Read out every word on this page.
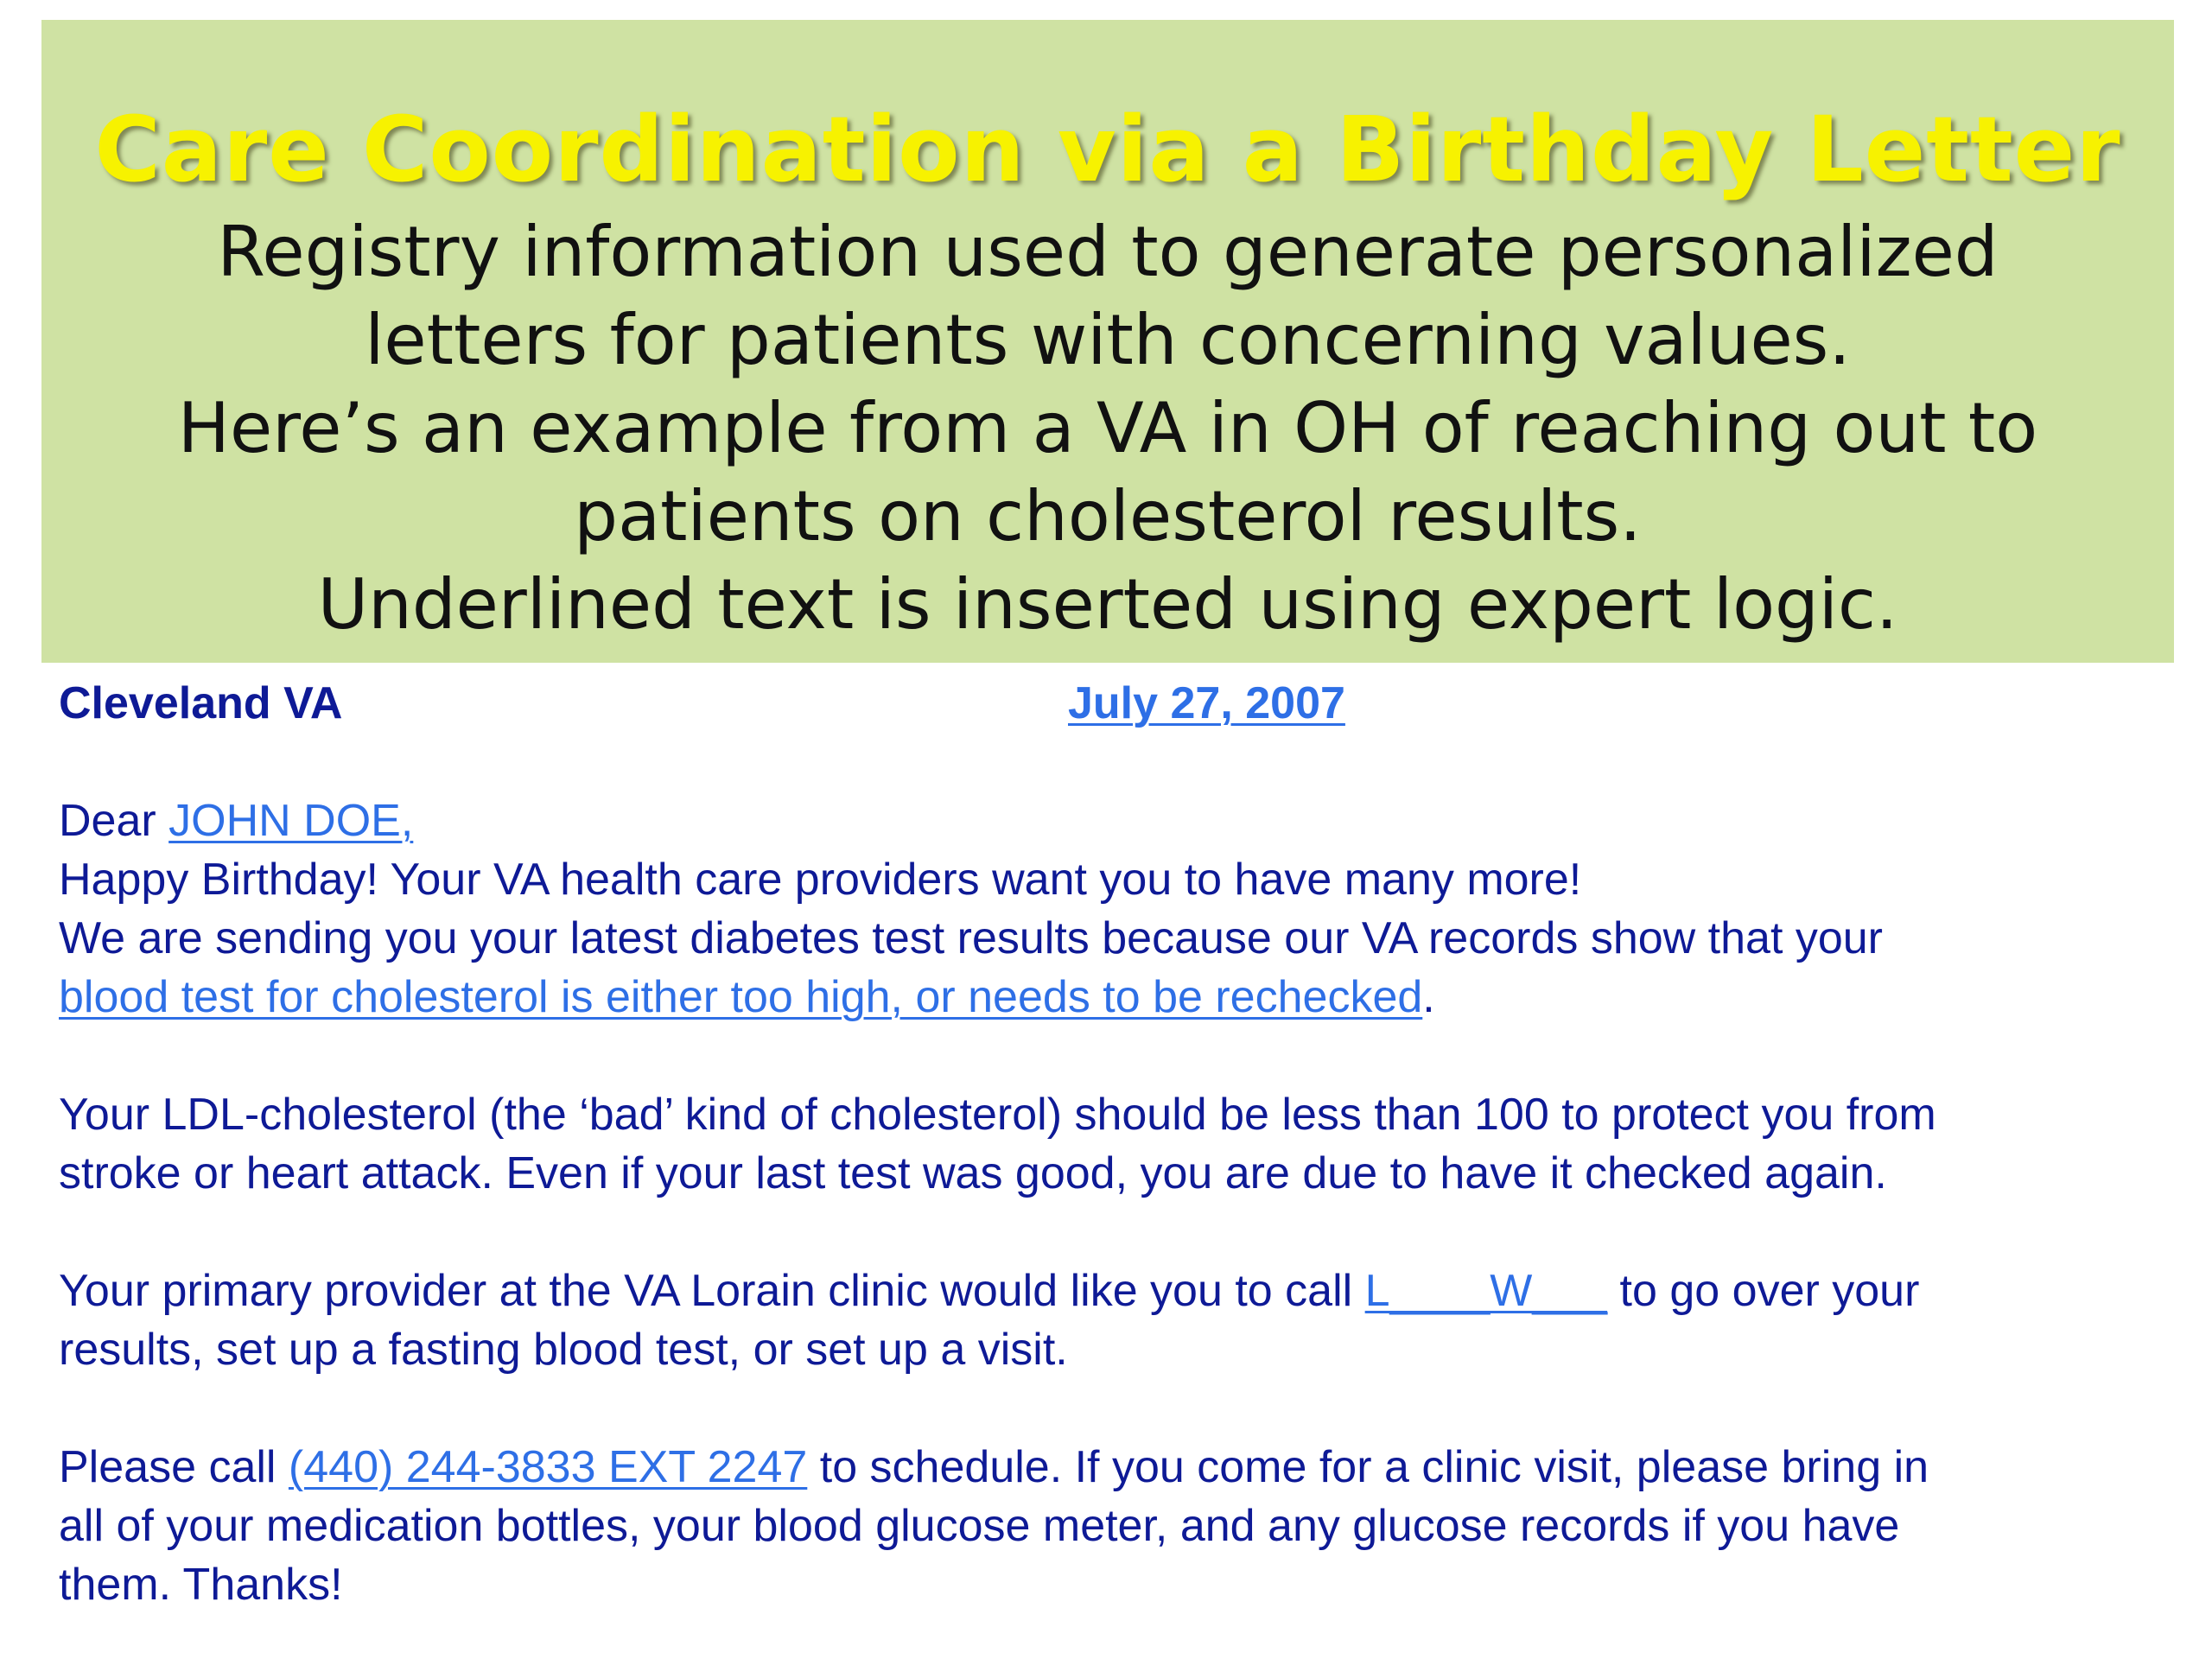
Care Coordination via a Birthday Letter
Registry information used to generate personalized
letters for patients with concerning values.
Here’s an example from a VA in OH of reaching out to
patients on cholesterol results.
Underlined text is inserted using expert logic.
Cleveland VA	July 27, 2007
Dear JOHN DOE,
Happy Birthday! Your VA health care providers want you to have many more!
We are sending you your latest diabetes test results because our VA records show that your
blood test for cholesterol is either too high, or needs to be rechecked.
Your LDL-cholesterol (the ‘bad’ kind of cholesterol) should be less than 100 to protect you from
stroke or heart attack. Even if your last test was good, you are due to have it checked again.
Your primary provider at the VA Lorain clinic would like you to call L____W___ to go over your
results, set up a fasting blood test, or set up a visit.
Please call (440) 244-3833 EXT 2247 to schedule. If you come for a clinic visit, please bring in
all of your medication bottles, your blood glucose meter, and any glucose records if you have
them. Thanks!
